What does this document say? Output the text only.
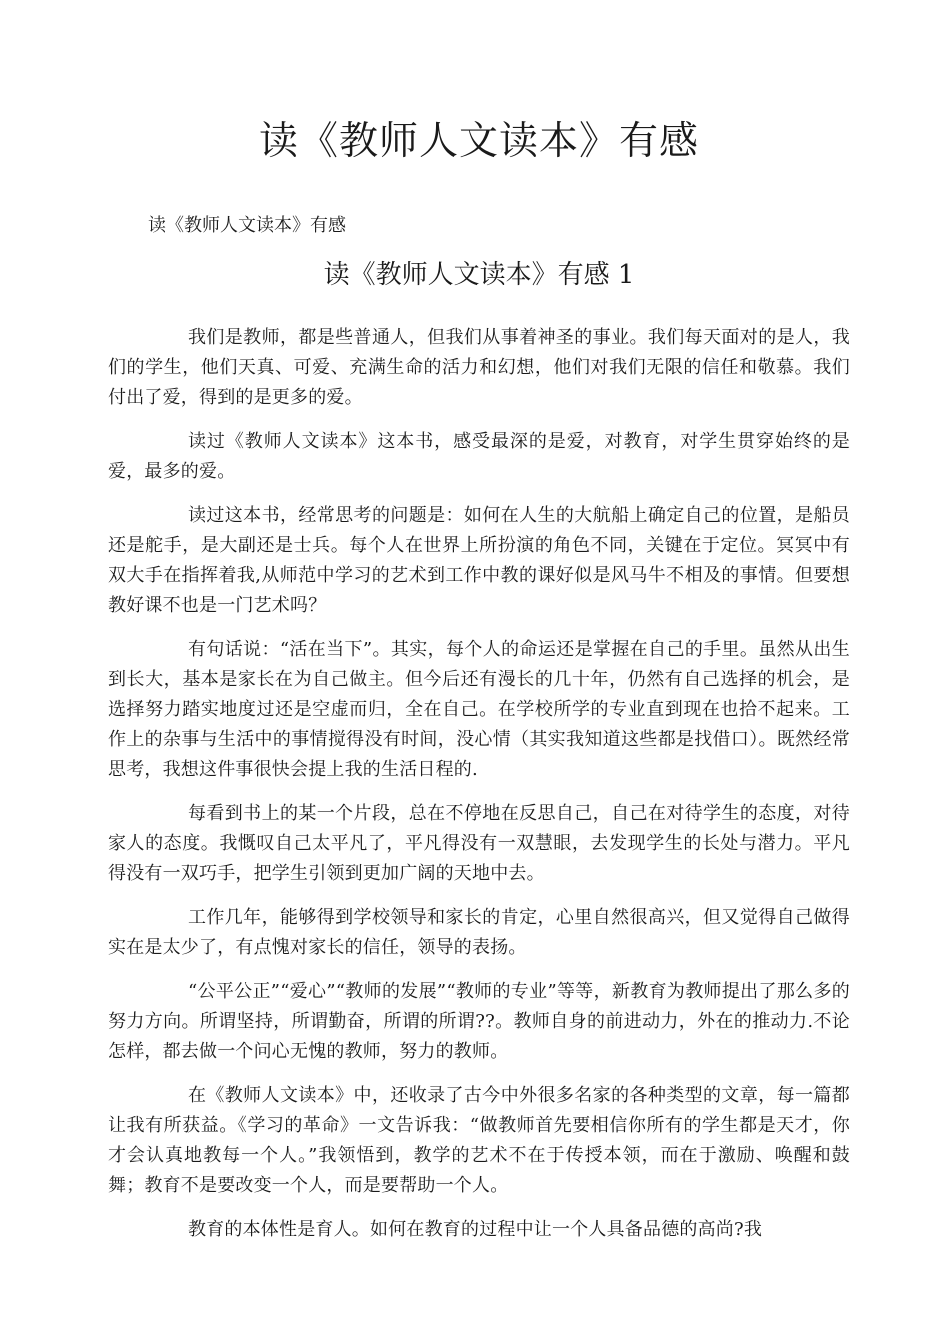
读《教师人文读本》有感

读《教师人文读本》有感

读《教师人文读本》有感 1

我们是教师，都是些普通人，但我们从事着神圣的事业。我们每天面对的是人，我们的学生，他们天真、可爱、充满生命的活力和幻想，他们对我们无限的信任和敬慕。我们付出了爱，得到的是更多的爱。

读过《教师人文读本》这本书，感受最深的是爱，对教育，对学生贯穿始终的是爱，最多的爱。

读过这本书，经常思考的问题是：如何在人生的大航船上确定自己的位置，是船员还是舵手，是大副还是士兵。每个人在世界上所扮演的角色不同，关键在于定位。冥冥中有双大手在指挥着我,从师范中学习的艺术到工作中教的课好似是风马牛不相及的事情。但要想教好课不也是一门艺术吗？

有句话说：“活在当下”。其实，每个人的命运还是掌握在自己的手里。虽然从出生到长大，基本是家长在为自己做主。但今后还有漫长的几十年，仍然有自己选择的机会，是选择努力踏实地度过还是空虚而归，全在自己。在学校所学的专业直到现在也拾不起来。工作上的杂事与生活中的事情搅得没有时间，没心情（其实我知道这些都是找借口）。既然经常思考，我想这件事很快会提上我的生活日程的.

每看到书上的某一个片段，总在不停地在反思自己，自己在对待学生的态度，对待家人的态度。我慨叹自己太平凡了，平凡得没有一双慧眼，去发现学生的长处与潜力。平凡得没有一双巧手，把学生引领到更加广阔的天地中去。

工作几年，能够得到学校领导和家长的肯定，心里自然很高兴，但又觉得自己做得实在是太少了，有点愧对家长的信任，领导的表扬。

“公平公正”“爱心”“教师的发展”“教师的专业”等等，新教育为教师提出了那么多的努力方向。所谓坚持，所谓勤奋，所谓的所谓??。教师自身的前进动力，外在的推动力.不论怎样，都去做一个问心无愧的教师，努力的教师。

在《教师人文读本》中，还收录了古今中外很多名家的各种类型的文章，每一篇都让我有所获益。《学习的革命》一文告诉我：“做教师首先要相信你所有的学生都是天才，你才会认真地教每一个人。”我领悟到，教学的艺术不在于传授本领，而在于激励、唤醒和鼓舞；教育不是要改变一个人，而是要帮助一个人。

教育的本体性是育人。如何在教育的过程中让一个人具备品德的高尚?我
